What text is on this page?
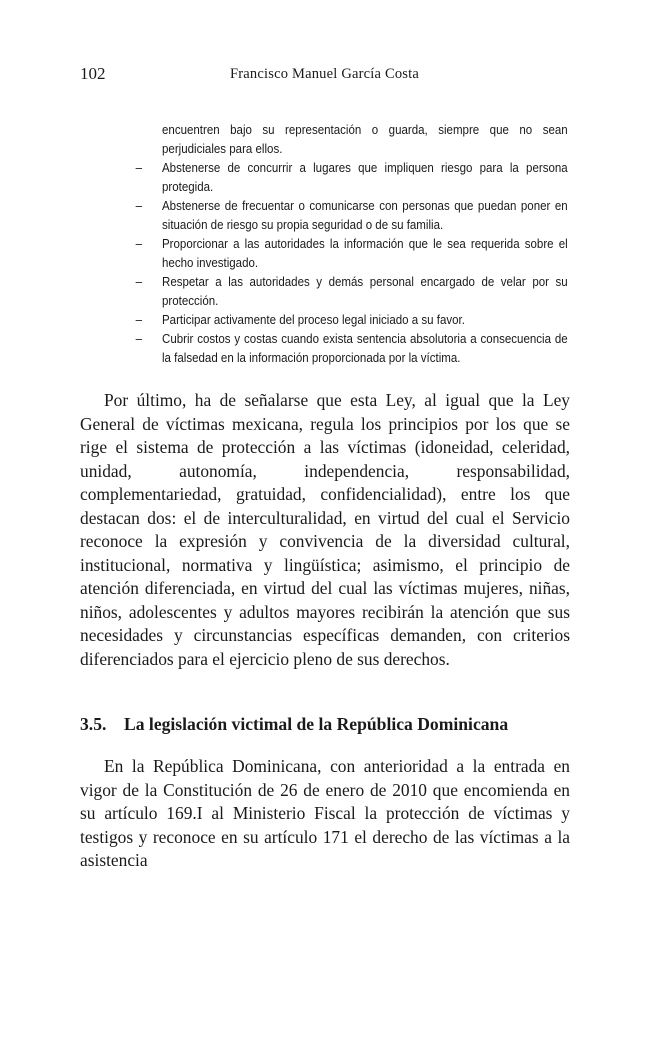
102	Francisco Manuel García Costa
encuentren bajo su representación o guarda, siempre que no sean perjudiciales para ellos.
– Abstenerse de concurrir a lugares que impliquen riesgo para la persona protegida.
– Abstenerse de frecuentar o comunicarse con personas que puedan poner en situación de riesgo su propia seguridad o de su familia.
– Proporcionar a las autoridades la información que le sea requerida sobre el hecho investigado.
– Respetar a las autoridades y demás personal encargado de velar por su protección.
– Participar activamente del proceso legal iniciado a su favor.
– Cubrir costos y costas cuando exista sentencia absolutoria a consecuencia de la falsedad en la información proporcionada por la víctima.

Por último, ha de señalarse que esta Ley, al igual que la Ley General de víctimas mexicana, regula los principios por los que se rige el sistema de protección a las víctimas (idoneidad, celeridad, unidad, autonomía, independencia, responsabilidad, complementariedad, gratuidad, confidencialidad), entre los que destacan dos: el de interculturalidad, en virtud del cual el Servicio reconoce la expresión y convivencia de la diversidad cultural, institucional, normativa y lingüística; asimismo, el principio de atención diferenciada, en virtud del cual las víctimas mujeres, niñas, niños, adolescentes y adultos mayores recibirán la atención que sus necesidades y circunstancias específicas demanden, con criterios diferenciados para el ejercicio pleno de sus derechos.

3.5. La legislación victimal de la República Dominicana

En la República Dominicana, con anterioridad a la entrada en vigor de la Constitución de 26 de enero de 2010 que encomienda en su artículo 169.I al Ministerio Fiscal la protección de víctimas y testigos y reconoce en su artículo 171 el derecho de las víctimas a la asistencia
